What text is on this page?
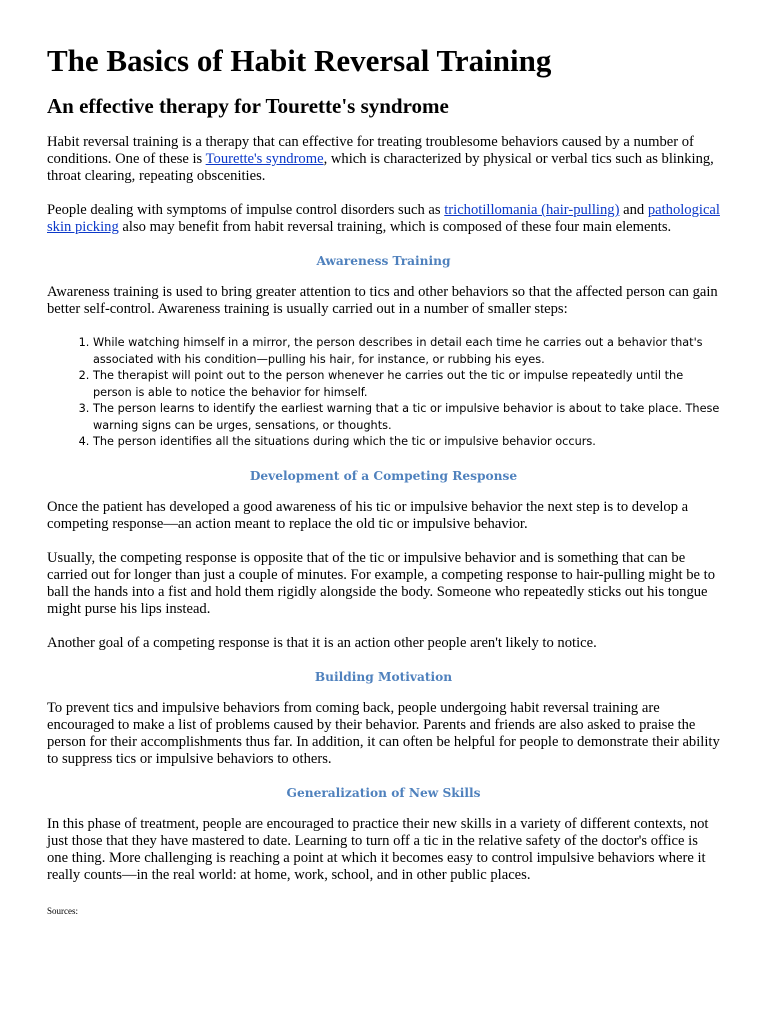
The Basics of Habit Reversal Training
An effective therapy for Tourette's syndrome

Habit reversal training is a therapy that can effective for treating troublesome behaviors caused by a number of conditions. One of these is Tourette's syndrome, which is characterized by physical or verbal tics such as blinking, throat clearing, repeating obscenities.

People dealing with symptoms of impulse control disorders such as trichotillomania (hair-pulling) and pathological skin picking also may benefit from habit reversal training, which is composed of these four main elements.

Awareness Training

Awareness training is used to bring greater attention to tics and other behaviors so that the affected person can gain better self-control. Awareness training is usually carried out in a number of smaller steps:

1. While watching himself in a mirror, the person describes in detail each time he carries out a behavior that's associated with his condition—pulling his hair, for instance, or rubbing his eyes.
2. The therapist will point out to the person whenever he carries out the tic or impulse repeatedly until the person is able to notice the behavior for himself.
3. The person learns to identify the earliest warning that a tic or impulsive behavior is about to take place. These warning signs can be urges, sensations, or thoughts.
4. The person identifies all the situations during which the tic or impulsive behavior occurs.

Development of a Competing Response

Once the patient has developed a good awareness of his tic or impulsive behavior the next step is to develop a competing response—an action meant to replace the old tic or impulsive behavior.

Usually, the competing response is opposite that of the tic or impulsive behavior and is something that can be carried out for longer than just a couple of minutes. For example, a competing response to hair-pulling might be to ball the hands into a fist and hold them rigidly alongside the body. Someone who repeatedly sticks out his tongue might purse his lips instead.

Another goal of a competing response is that it is an action other people aren't likely to notice.

Building Motivation

To prevent tics and impulsive behaviors from coming back, people undergoing habit reversal training are encouraged to make a list of problems caused by their behavior. Parents and friends are also asked to praise the person for their accomplishments thus far. In addition, it can often be helpful for people to demonstrate their ability to suppress tics or impulsive behaviors to others.

Generalization of New Skills

In this phase of treatment, people are encouraged to practice their new skills in a variety of different contexts, not just those that they have mastered to date. Learning to turn off a tic in the relative safety of the doctor's office is one thing. More challenging is reaching a point at which it becomes easy to control impulsive behaviors where it really counts—in the real world: at home, work, school, and in other public places.

Sources:
